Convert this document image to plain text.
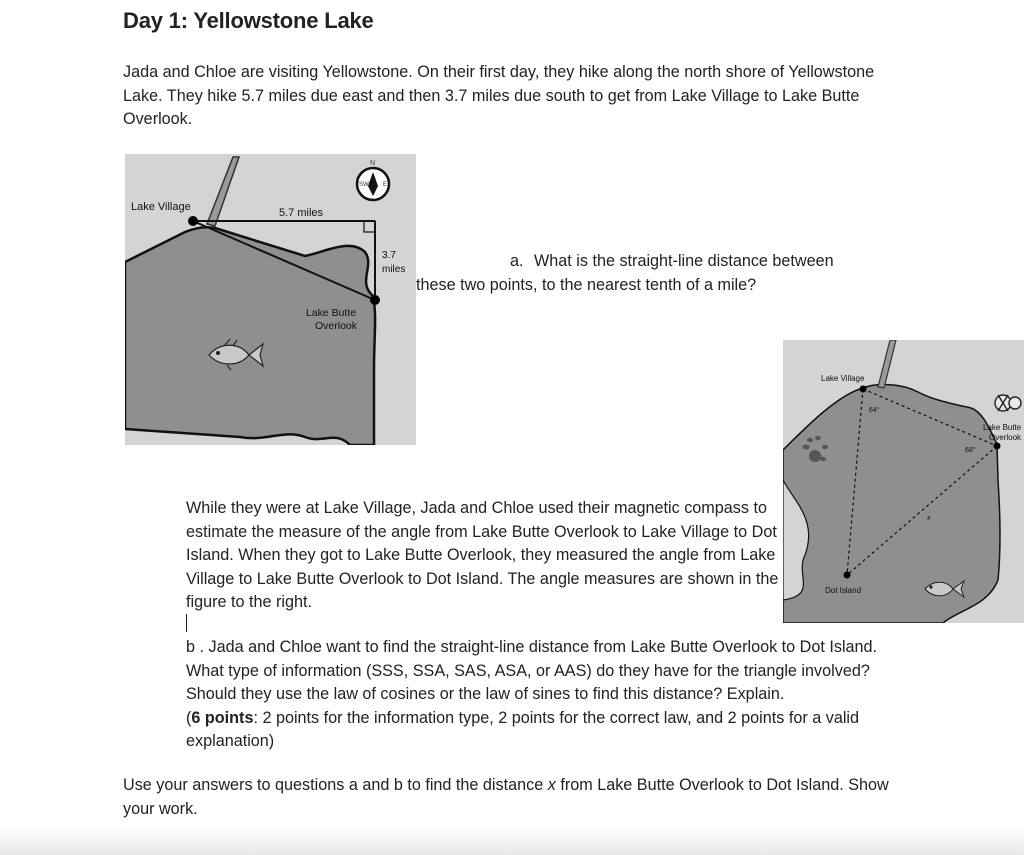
Day 1: Yellowstone Lake
Jada and Chloe are visiting Yellowstone. On their first day, they hike along the north shore of Yellowstone Lake. They hike 5.7 miles due east and then 3.7 miles due south to get from Lake Village to Lake Butte Overlook.
SW E
N
Lake Village	5.7 miles
3.7
miles
Lake Butte
Overlook
a. What is the straight-line distance between
these two points, to the nearest tenth of a mile?
Lake Village
64°
68°
Lake Butte
Overlook
Dot Island
x
While they were at Lake Village, Jada and Chloe used their magnetic compass to estimate the measure of the angle from Lake Butte Overlook to Lake Village to Dot Island. When they got to Lake Butte Overlook, they measured the angle from Lake Village to Lake Butte Overlook to Dot Island. The angle measures are shown in the figure to the right.
b . Jada and Chloe want to find the straight-line distance from Lake Butte Overlook to Dot Island. What type of information (SSS, SSA, SAS, ASA, or AAS) do they have for the triangle involved? Should they use the law of cosines or the law of sines to find this distance? Explain.
(6 points: 2 points for the information type, 2 points for the correct law, and 2 points for a valid explanation)
Use your answers to questions a and b to find the distance x from Lake Butte Overlook to Dot Island. Show your work.
